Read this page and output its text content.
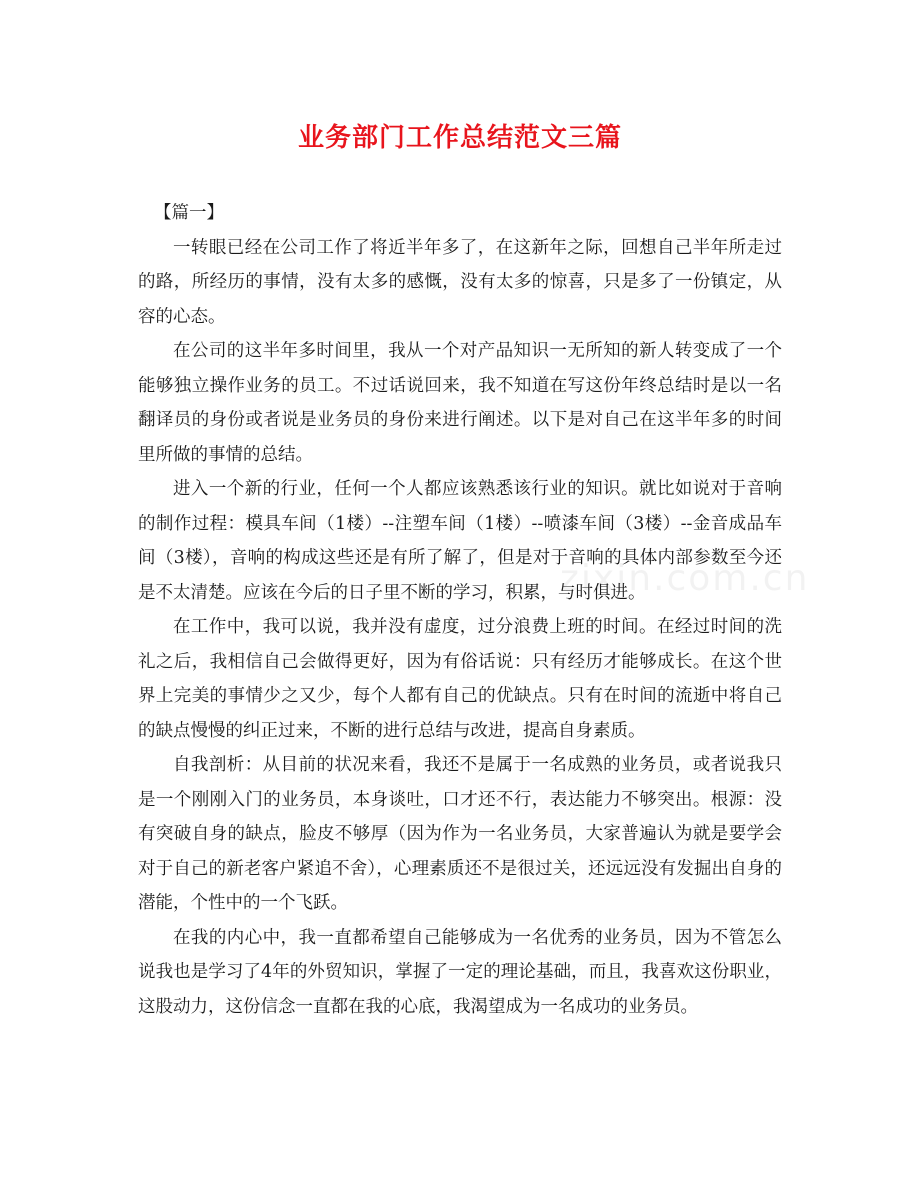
业务部门工作总结范文三篇
zixin.com.cn

【篇一】

一转眼已经在公司工作了将近半年多了，在这新年之际，回想自己半年所走过的路，所经历的事情，没有太多的感慨，没有太多的惊喜，只是多了一份镇定，从容的心态。

在公司的这半年多时间里，我从一个对产品知识一无所知的新人转变成了一个能够独立操作业务的员工。不过话说回来，我不知道在写这份年终总结时是以一名翻译员的身份或者说是业务员的身份来进行阐述。以下是对自己在这半年多的时间里所做的事情的总结。

进入一个新的行业，任何一个人都应该熟悉该行业的知识。就比如说对于音响的制作过程：模具车间（1楼）--注塑车间（1楼）--喷漆车间（3楼）--金音成品车间（3楼），音响的构成这些还是有所了解了，但是对于音响的具体内部参数至今还是不太清楚。应该在今后的日子里不断的学习，积累，与时俱进。

在工作中，我可以说，我并没有虚度，过分浪费上班的时间。在经过时间的洗礼之后，我相信自己会做得更好，因为有俗话说：只有经历才能够成长。在这个世界上完美的事情少之又少，每个人都有自己的优缺点。只有在时间的流逝中将自己的缺点慢慢的纠正过来，不断的进行总结与改进，提高自身素质。

自我剖析：从目前的状况来看，我还不是属于一名成熟的业务员，或者说我只是一个刚刚入门的业务员，本身谈吐，口才还不行，表达能力不够突出。根源：没有突破自身的缺点，脸皮不够厚（因为作为一名业务员，大家普遍认为就是要学会对于自己的新老客户紧追不舍），心理素质还不是很过关，还远远没有发掘出自身的潜能，个性中的一个飞跃。

在我的内心中，我一直都希望自己能够成为一名优秀的业务员，因为不管怎么说我也是学习了4年的外贸知识，掌握了一定的理论基础，而且，我喜欢这份职业，这股动力，这份信念一直都在我的心底，我渴望成为一名成功的业务员。
